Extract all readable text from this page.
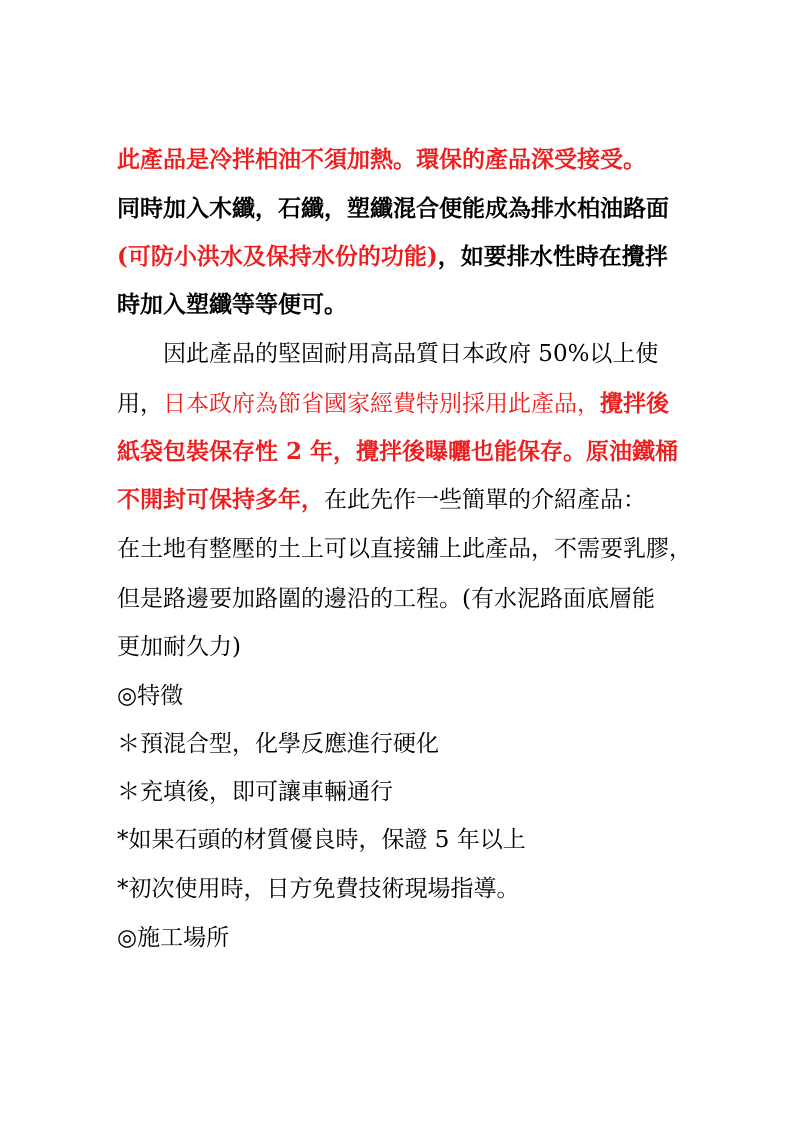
此產品是冷拌柏油不須加熱。環保的產品深受接受。
同時加入木纖，石纖，塑纖混合便能成為排水柏油路面
(可防小洪水及保持水份的功能)，如要排水性時在攪拌
時加入塑纖等等便可。
因此產品的堅固耐用高品質日本政府 50%以上使
用，日本政府為節省國家經費特別採用此產品，攪拌後
紙袋包裝保存性 2 年，攪拌後曝曬也能保存。原油鐵桶
不開封可保持多年，在此先作一些簡單的介紹產品：
在土地有整壓的土上可以直接舖上此產品，不需要乳膠，
但是路邊要加路圍的邊沿的工程。(有水泥路面底層能
更加耐久力)
◎特徵
＊預混合型，化學反應進行硬化
＊充填後，即可讓車輛通行
*如果石頭的材質優良時，保證 5 年以上
*初次使用時，日方免費技術現場指導。
◎施工場所
